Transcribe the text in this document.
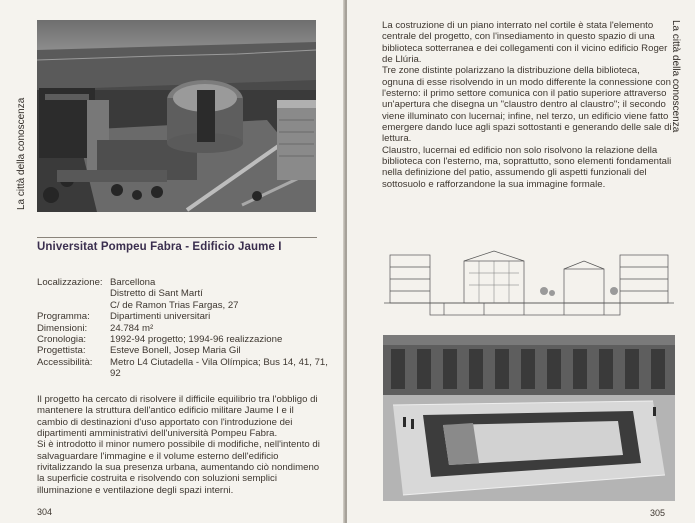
La città della conoscenza
Universitat Pompeu Fabra - Edificio Jaume I
Localizzazione: Barcellona
Distretto di Sant Martí
C/ de Ramon Trias Fargas, 27
Programma:	Dipartimenti universitari
Dimensioni:	24.784 m²
Cronologia:	1992-94 progetto; 1994-96 realizzazione
Progettista:	Esteve Bonell, Josep Maria Gil
Accessibilità:	Metro L4 Ciutadella - Vila Olímpica; Bus 14, 41, 71, 92

Il progetto ha cercato di risolvere il difficile equilibrio tra l'obbligo di mantenere la struttura dell'antico edificio militare Jaume I e il cambio di destinazioni d'uso apportato con l'introduzione dei dipartimenti amministrativi dell'università Pompeu Fabra.

Si è introdotto il minor numero possibile di modifiche, nell'intento di salvaguardare l'immagine e il volume esterno dell'edificio rivitalizzando la sua presenza urbana, aumentando ciò nondimeno la superficie costruita e risolvendo con soluzioni semplici illuminazione e ventilazione degli spazi interni.

304

La costruzione di un piano interrato nel cortile è stata l'elemento centrale del progetto, con l'insediamento in questo spazio di una biblioteca sotterranea e dei collegamenti con il vicino edificio Roger de Llúria.

Tre zone distinte polarizzano la distribuzione della biblioteca, ognuna di esse risolvendo in un modo differente la connessione con l'esterno: il primo settore comunica con il patio superiore attraverso un'apertura che disegna un "claustro dentro al claustro"; il secondo viene illuminato con lucernai; infine, nel terzo, un edificio viene fatto emergere dando luce agli spazi sottostanti e generando delle sale di lettura.

Claustro, lucernai ed edificio non solo risolvono la relazione della biblioteca con l'esterno, ma, soprattutto, sono elementi fondamentali nella definizione del patio, assumendo gli aspetti funzionali del sottosuolo e rafforzandone la sua immagine formale.

La città della conoscenza
305
